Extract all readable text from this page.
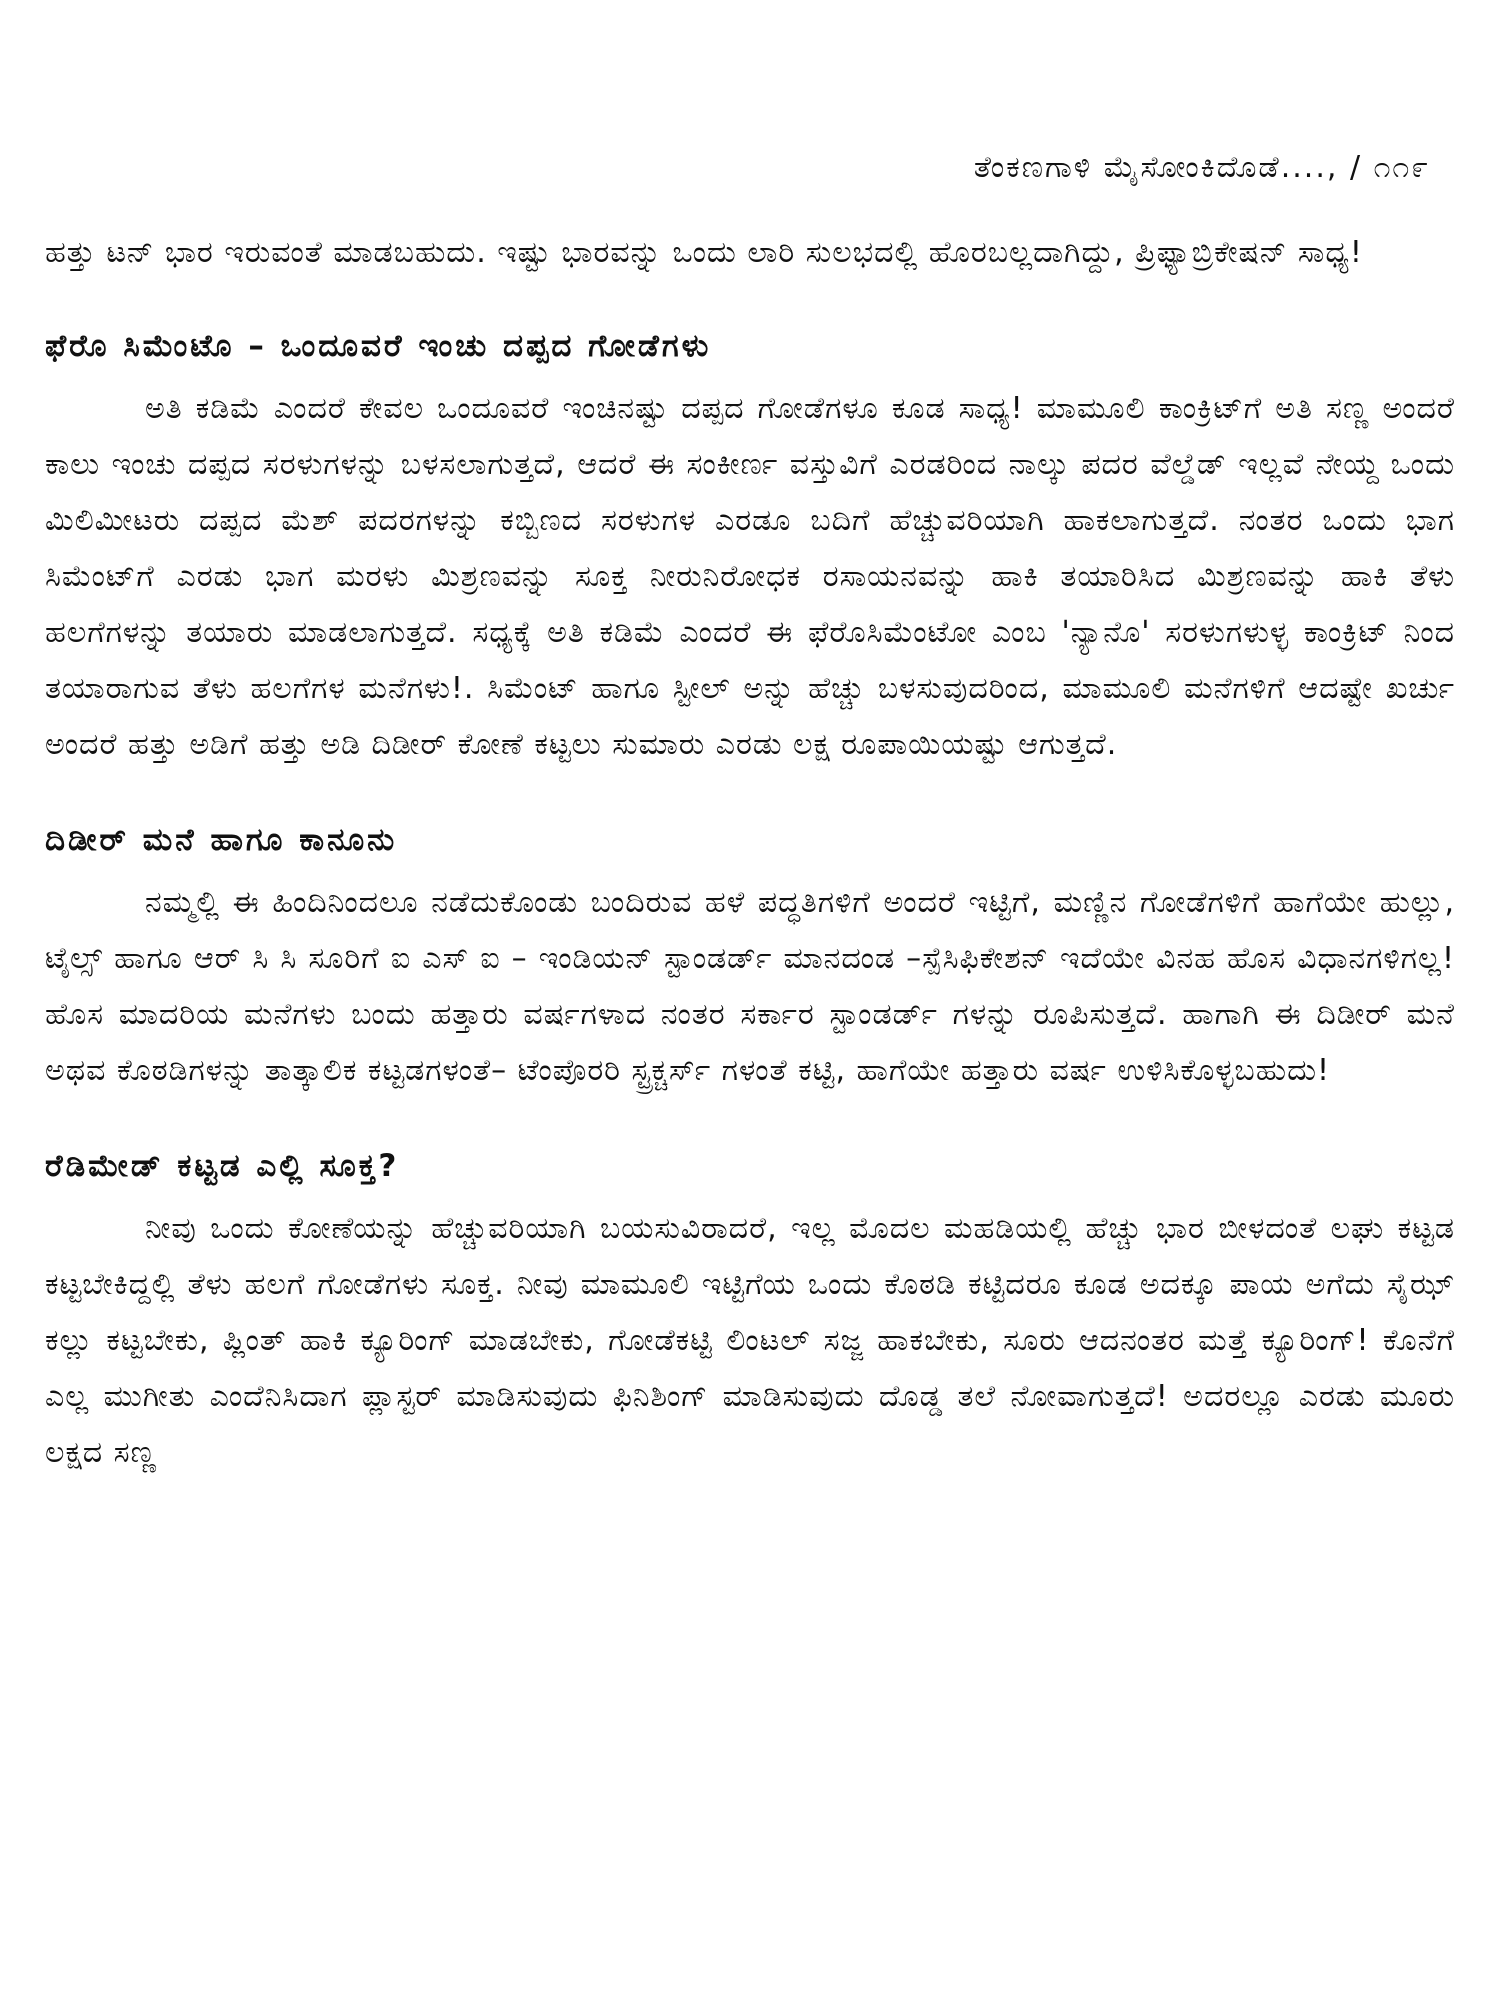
ತೆಂಕಣಗಾಳಿ ಮೈಸೋಂಕಿದೊಡೆ...., / ೧೧೯

ಹತ್ತು ಟನ್ ಭಾರ ಇರುವಂತೆ ಮಾಡಬಹುದು. ಇಷ್ಟು ಭಾರವನ್ನು ಒಂದು ಲಾರಿ ಸುಲಭದಲ್ಲಿ ಹೊರಬಲ್ಲದಾಗಿದ್ದು, ಪ್ರಿಫ್ಯಾಬ್ರಿಕೇಷನ್ ಸಾಧ್ಯ!

ಫೆರೊ ಸಿಮೆಂಟೊ – ಒಂದೂವರೆ ಇಂಚು ದಪ್ಪದ ಗೋಡೆಗಳು

ಅತಿ ಕಡಿಮೆ ಎಂದರೆ ಕೇವಲ ಒಂದೂವರೆ ಇಂಚಿನಷ್ಟು ದಪ್ಪದ ಗೋಡೆಗಳೂ ಕೂಡ ಸಾಧ್ಯ! ಮಾಮೂಲಿ ಕಾಂಕ್ರಿಟ್‌ಗೆ ಅತಿ ಸಣ್ಣ ಅಂದರೆ ಕಾಲು ಇಂಚು ದಪ್ಪದ ಸರಳುಗಳನ್ನು ಬಳಸಲಾಗುತ್ತದೆ, ಆದರೆ ಈ ಸಂಕೀರ್ಣ ವಸ್ತುವಿಗೆ ಎರಡರಿಂದ ನಾಲ್ಕು ಪದರ ವೆಲ್ಡೆಡ್ ಇಲ್ಲವೆ ನೇಯ್ದ ಒಂದು ಮಿಲಿಮೀಟರು ದಪ್ಪದ ಮೆಶ್ ಪದರಗಳನ್ನು ಕಬ್ಬಿಣದ ಸರಳುಗಳ ಎರಡೂ ಬದಿಗೆ ಹೆಚ್ಚುವರಿಯಾಗಿ ಹಾಕಲಾಗುತ್ತದೆ. ನಂತರ ಒಂದು ಭಾಗ ಸಿಮೆಂಟ್‌ಗೆ ಎರಡು ಭಾಗ ಮರಳು ಮಿಶ್ರಣವನ್ನು ಸೂಕ್ತ ನೀರುನಿರೋಧಕ ರಸಾಯನವನ್ನು ಹಾಕಿ ತಯಾರಿಸಿದ ಮಿಶ್ರಣವನ್ನು ಹಾಕಿ ತೆಳು ಹಲಗೆಗಳನ್ನು ತಯಾರು ಮಾಡಲಾಗುತ್ತದೆ. ಸಧ್ಯಕ್ಕೆ ಅತಿ ಕಡಿಮೆ ಎಂದರೆ ಈ ಫೆರೊಸಿಮೆಂಟೋ ಎಂಬ 'ನ್ಯಾನೊ' ಸರಳುಗಳುಳ್ಳ ಕಾಂಕ್ರಿಟ್ ನಿಂದ ತಯಾರಾಗುವ ತೆಳು ಹಲಗೆಗಳ ಮನೆಗಳು!. ಸಿಮೆಂಟ್ ಹಾಗೂ ಸ್ಟೀಲ್ ಅನ್ನು ಹೆಚ್ಚು ಬಳಸುವುದರಿಂದ, ಮಾಮೂಲಿ ಮನೆಗಳಿಗೆ ಆದಷ್ಟೇ ಖರ್ಚು ಅಂದರೆ ಹತ್ತು ಅಡಿಗೆ ಹತ್ತು ಅಡಿ ದಿಡೀರ್ ಕೋಣೆ ಕಟ್ಟಲು ಸುಮಾರು ಎರಡು ಲಕ್ಷ ರೂಪಾಯಿಯಷ್ಟು ಆಗುತ್ತದೆ.

ದಿಡೀರ್ ಮನೆ ಹಾಗೂ ಕಾನೂನು

ನಮ್ಮಲ್ಲಿ ಈ ಹಿಂದಿನಿಂದಲೂ ನಡೆದುಕೊಂಡು ಬಂದಿರುವ ಹಳೆ ಪದ್ಧತಿಗಳಿಗೆ ಅಂದರೆ ಇಟ್ಟಿಗೆ, ಮಣ್ಣಿನ ಗೋಡೆಗಳಿಗೆ ಹಾಗೆಯೇ ಹುಲ್ಲು, ಟೈಲ್ಸ್ ಹಾಗೂ ಆರ್ ಸಿ ಸಿ ಸೂರಿಗೆ ಐ ಎಸ್ ಐ – ಇಂಡಿಯನ್ ಸ್ಟಾಂಡರ್ಡ್ ಮಾನದಂಡ –ಸ್ಪೆಸಿಫಿಕೇಶನ್ ಇದೆಯೇ ವಿನಹ ಹೊಸ ವಿಧಾನಗಳಿಗಲ್ಲ! ಹೊಸ ಮಾದರಿಯ ಮನೆಗಳು ಬಂದು ಹತ್ತಾರು ವರ್ಷಗಳಾದ ನಂತರ ಸರ್ಕಾರ ಸ್ಟಾಂಡರ್ಡ್ ಗಳನ್ನು ರೂಪಿಸುತ್ತದೆ. ಹಾಗಾಗಿ ಈ ದಿಡೀರ್ ಮನೆ ಅಥವ ಕೊಠಡಿಗಳನ್ನು ತಾತ್ಕಾಲಿಕ ಕಟ್ಟಡಗಳಂತೆ– ಟೆಂಪೊರರಿ ಸ್ಟ್ರಕ್ಚರ್ಸ್ ಗಳಂತೆ ಕಟ್ಟಿ, ಹಾಗೆಯೇ ಹತ್ತಾರು ವರ್ಷ ಉಳಿಸಿಕೊಳ್ಳಬಹುದು!

ರೆಡಿಮೇಡ್ ಕಟ್ಟಡ ಎಲ್ಲಿ ಸೂಕ್ತ?

ನೀವು ಒಂದು ಕೋಣೆಯನ್ನು ಹೆಚ್ಚುವರಿಯಾಗಿ ಬಯಸುವಿರಾದರೆ, ಇಲ್ಲ ಮೊದಲ ಮಹಡಿಯಲ್ಲಿ ಹೆಚ್ಚು ಭಾರ ಬೀಳದಂತೆ ಲಘು ಕಟ್ಟಡ ಕಟ್ಟಬೇಕಿದ್ದಲ್ಲಿ ತೆಳು ಹಲಗೆ ಗೋಡೆಗಳು ಸೂಕ್ತ. ನೀವು ಮಾಮೂಲಿ ಇಟ್ಟಿಗೆಯ ಒಂದು ಕೊಠಡಿ ಕಟ್ಟಿದರೂ ಕೂಡ ಅದಕ್ಕೂ ಪಾಯ ಅಗೆದು ಸೈಝ್ ಕಲ್ಲು ಕಟ್ಟಬೇಕು, ಪ್ಲಿಂತ್ ಹಾಕಿ ಕ್ಯೂರಿಂಗ್ ಮಾಡಬೇಕು, ಗೋಡೆಕಟ್ಟಿ ಲಿಂಟಲ್ ಸಜ್ಜ ಹಾಕಬೇಕು, ಸೂರು ಆದನಂತರ ಮತ್ತೆ ಕ್ಯೂರಿಂಗ್! ಕೊನೆಗೆ ಎಲ್ಲ ಮುಗೀತು ಎಂದೆನಿಸಿದಾಗ ಪ್ಲಾಸ್ಟರ್ ಮಾಡಿಸುವುದು ಫಿನಿಶಿಂಗ್ ಮಾಡಿಸುವುದು ದೊಡ್ಡ ತಲೆ ನೋವಾಗುತ್ತದೆ! ಅದರಲ್ಲೂ ಎರಡು ಮೂರು ಲಕ್ಷದ ಸಣ್ಣ
